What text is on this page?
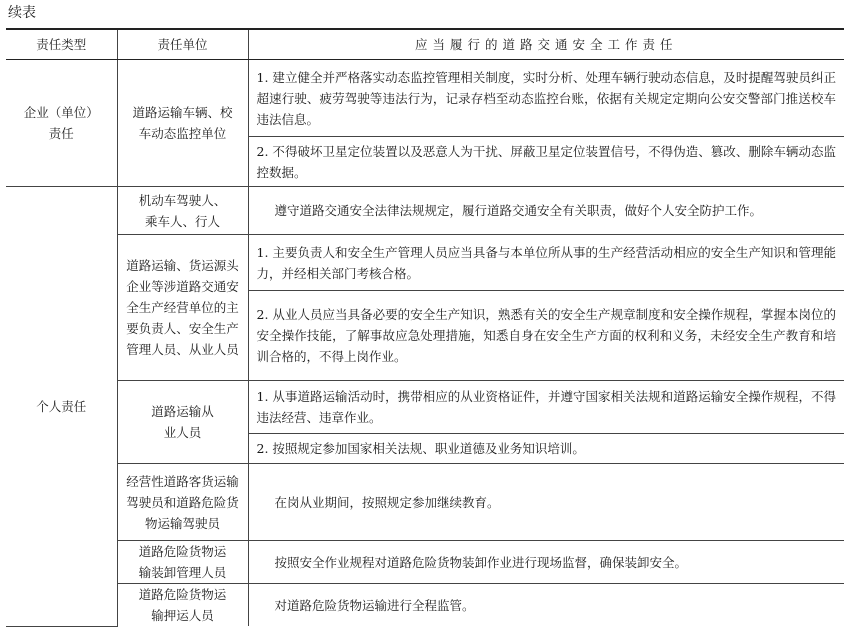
续表
责任类型	责任单位	应当履行的道路交通安全工作责任
企业（单位）责任	道路运输车辆、校车动态监控单位	1. 建立健全并严格落实动态监控管理相关制度，实时分析、处理车辆行驶动态信息，及时提醒驾驶员纠正超速行驶、疲劳驾驶等违法行为，记录存档至动态监控台账，依据有关规定定期向公安交警部门推送校车违法信息。
		2. 不得破坏卫星定位装置以及恶意人为干扰、屏蔽卫星定位装置信号，不得伪造、篡改、删除车辆动态监控数据。
个人责任	机动车驾驶人、乘车人、行人	遵守道路交通安全法律法规规定，履行道路交通安全有关职责，做好个人安全防护工作。
	道路运输、货运源头企业等涉道路交通安全生产经营单位的主要负责人、安全生产管理人员、从业人员	1. 主要负责人和安全生产管理人员应当具备与本单位所从事的生产经营活动相应的安全生产知识和管理能力，并经相关部门考核合格。
		2. 从业人员应当具备必要的安全生产知识，熟悉有关的安全生产规章制度和安全操作规程，掌握本岗位的安全操作技能，了解事故应急处理措施，知悉自身在安全生产方面的权利和义务，未经安全生产教育和培训合格的，不得上岗作业。
	道路运输从业人员	1. 从事道路运输活动时，携带相应的从业资格证件，并遵守国家相关法规和道路运输安全操作规程，不得违法经营、违章作业。
		2. 按照规定参加国家相关法规、职业道德及业务知识培训。
	经营性道路客货运输驾驶员和道路危险货物运输驾驶员	在岗从业期间，按照规定参加继续教育。
	道路危险货物运输装卸管理人员	按照安全作业规程对道路危险货物装卸作业进行现场监督，确保装卸安全。
	道路危险货物运输押运人员	对道路危险货物运输进行全程监管。
